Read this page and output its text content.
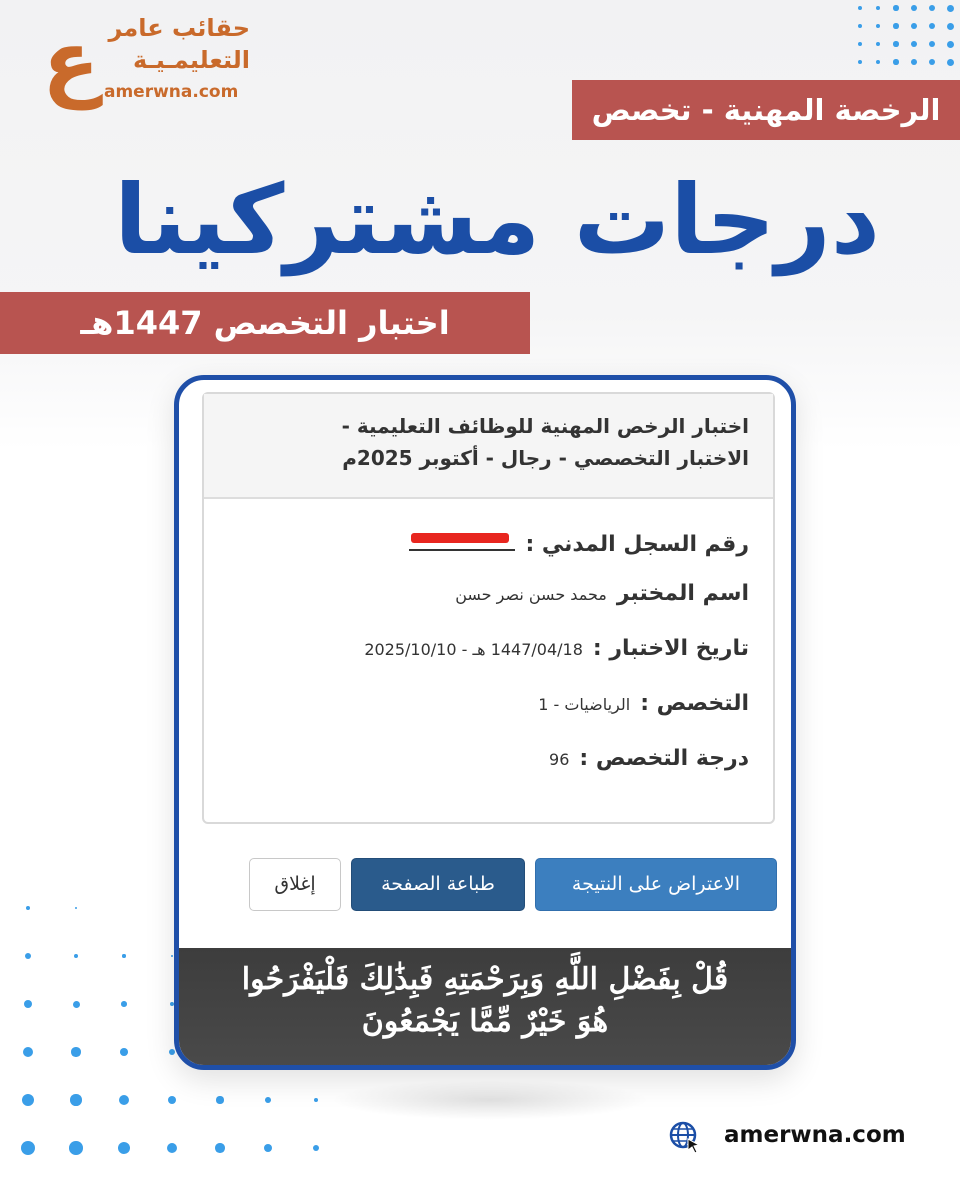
ع حقائب عامر
التعليمـيـة
amerwna.com
الرخصة المهنية - تخصص
درجات مشتركينا
اختبار التخصص 1447هـ
اختبار الرخص المهنية للوظائف التعليمية -
الاختبار التخصصي - رجال - أكتوبر 2025م
رقم السجل المدني :
اسم المختبر
محمد حسن نصر حسن
تاريخ الاختبار :
1447/04/18 هـ - 2025/10/10
التخصص :
الرياضيات - 1
درجة التخصص :
96
الاعتراض على النتيجة
طباعة الصفحة
إغلاق
قُلْ بِفَضْلِ اللَّهِ وَبِرَحْمَتِهِ فَبِذَٰلِكَ فَلْيَفْرَحُوا
هُوَ خَيْرٌ مِّمَّا يَجْمَعُونَ
amerwna.com
